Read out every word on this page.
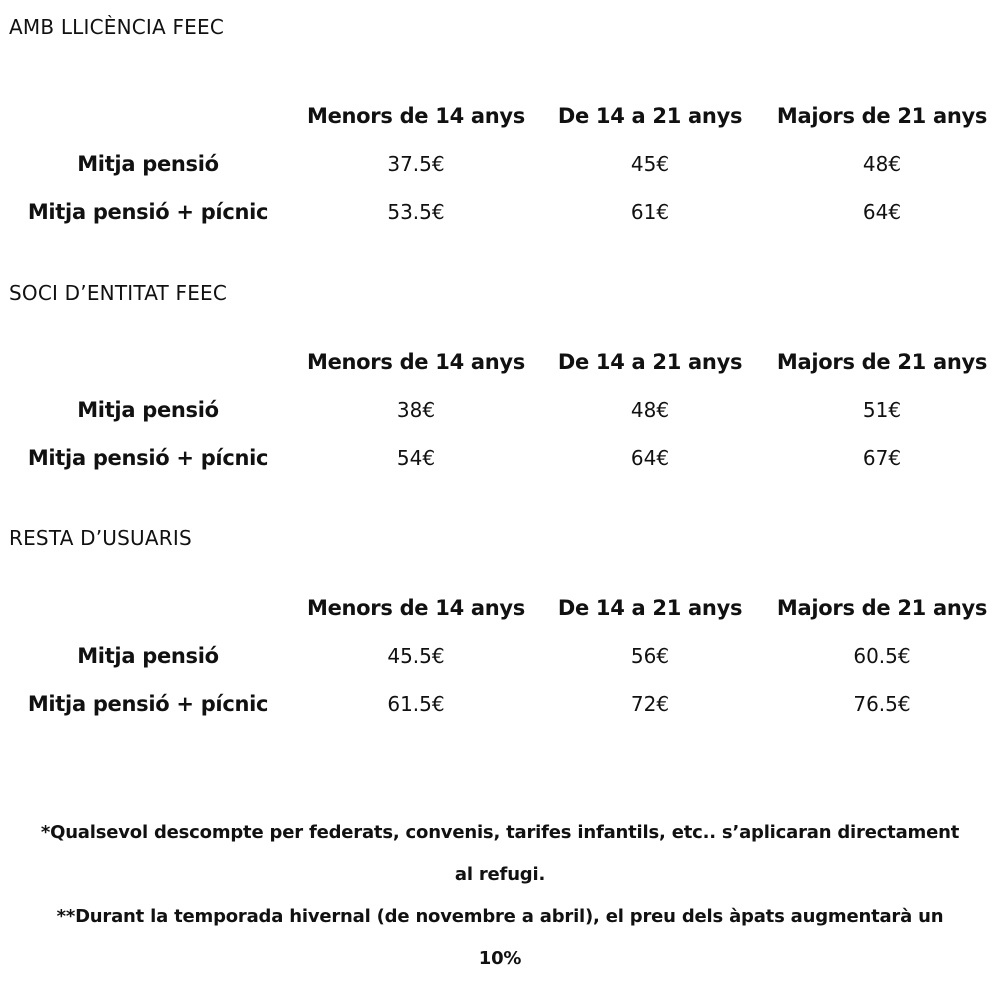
AMB LLICÈNCIA FEEC
	Menors de 14 anys	De 14 a 21 anys	Majors de 21 anys
Mitja pensió	37.5€	45€	48€
Mitja pensió + pícnic	53.5€	61€	64€
SOCI D’ENTITAT FEEC
	Menors de 14 anys	De 14 a 21 anys	Majors de 21 anys
Mitja pensió	38€	48€	51€
Mitja pensió + pícnic	54€	64€	67€
RESTA D’USUARIS
	Menors de 14 anys	De 14 a 21 anys	Majors de 21 anys
Mitja pensió	45.5€	56€	60.5€
Mitja pensió + pícnic	61.5€	72€	76.5€

*Qualsevol descompte per federats, convenis, tarifes infantils, etc.. s’aplicaran directament al refugi.

**Durant la temporada hivernal (de novembre a abril), el preu dels àpats augmentarà un 10%
